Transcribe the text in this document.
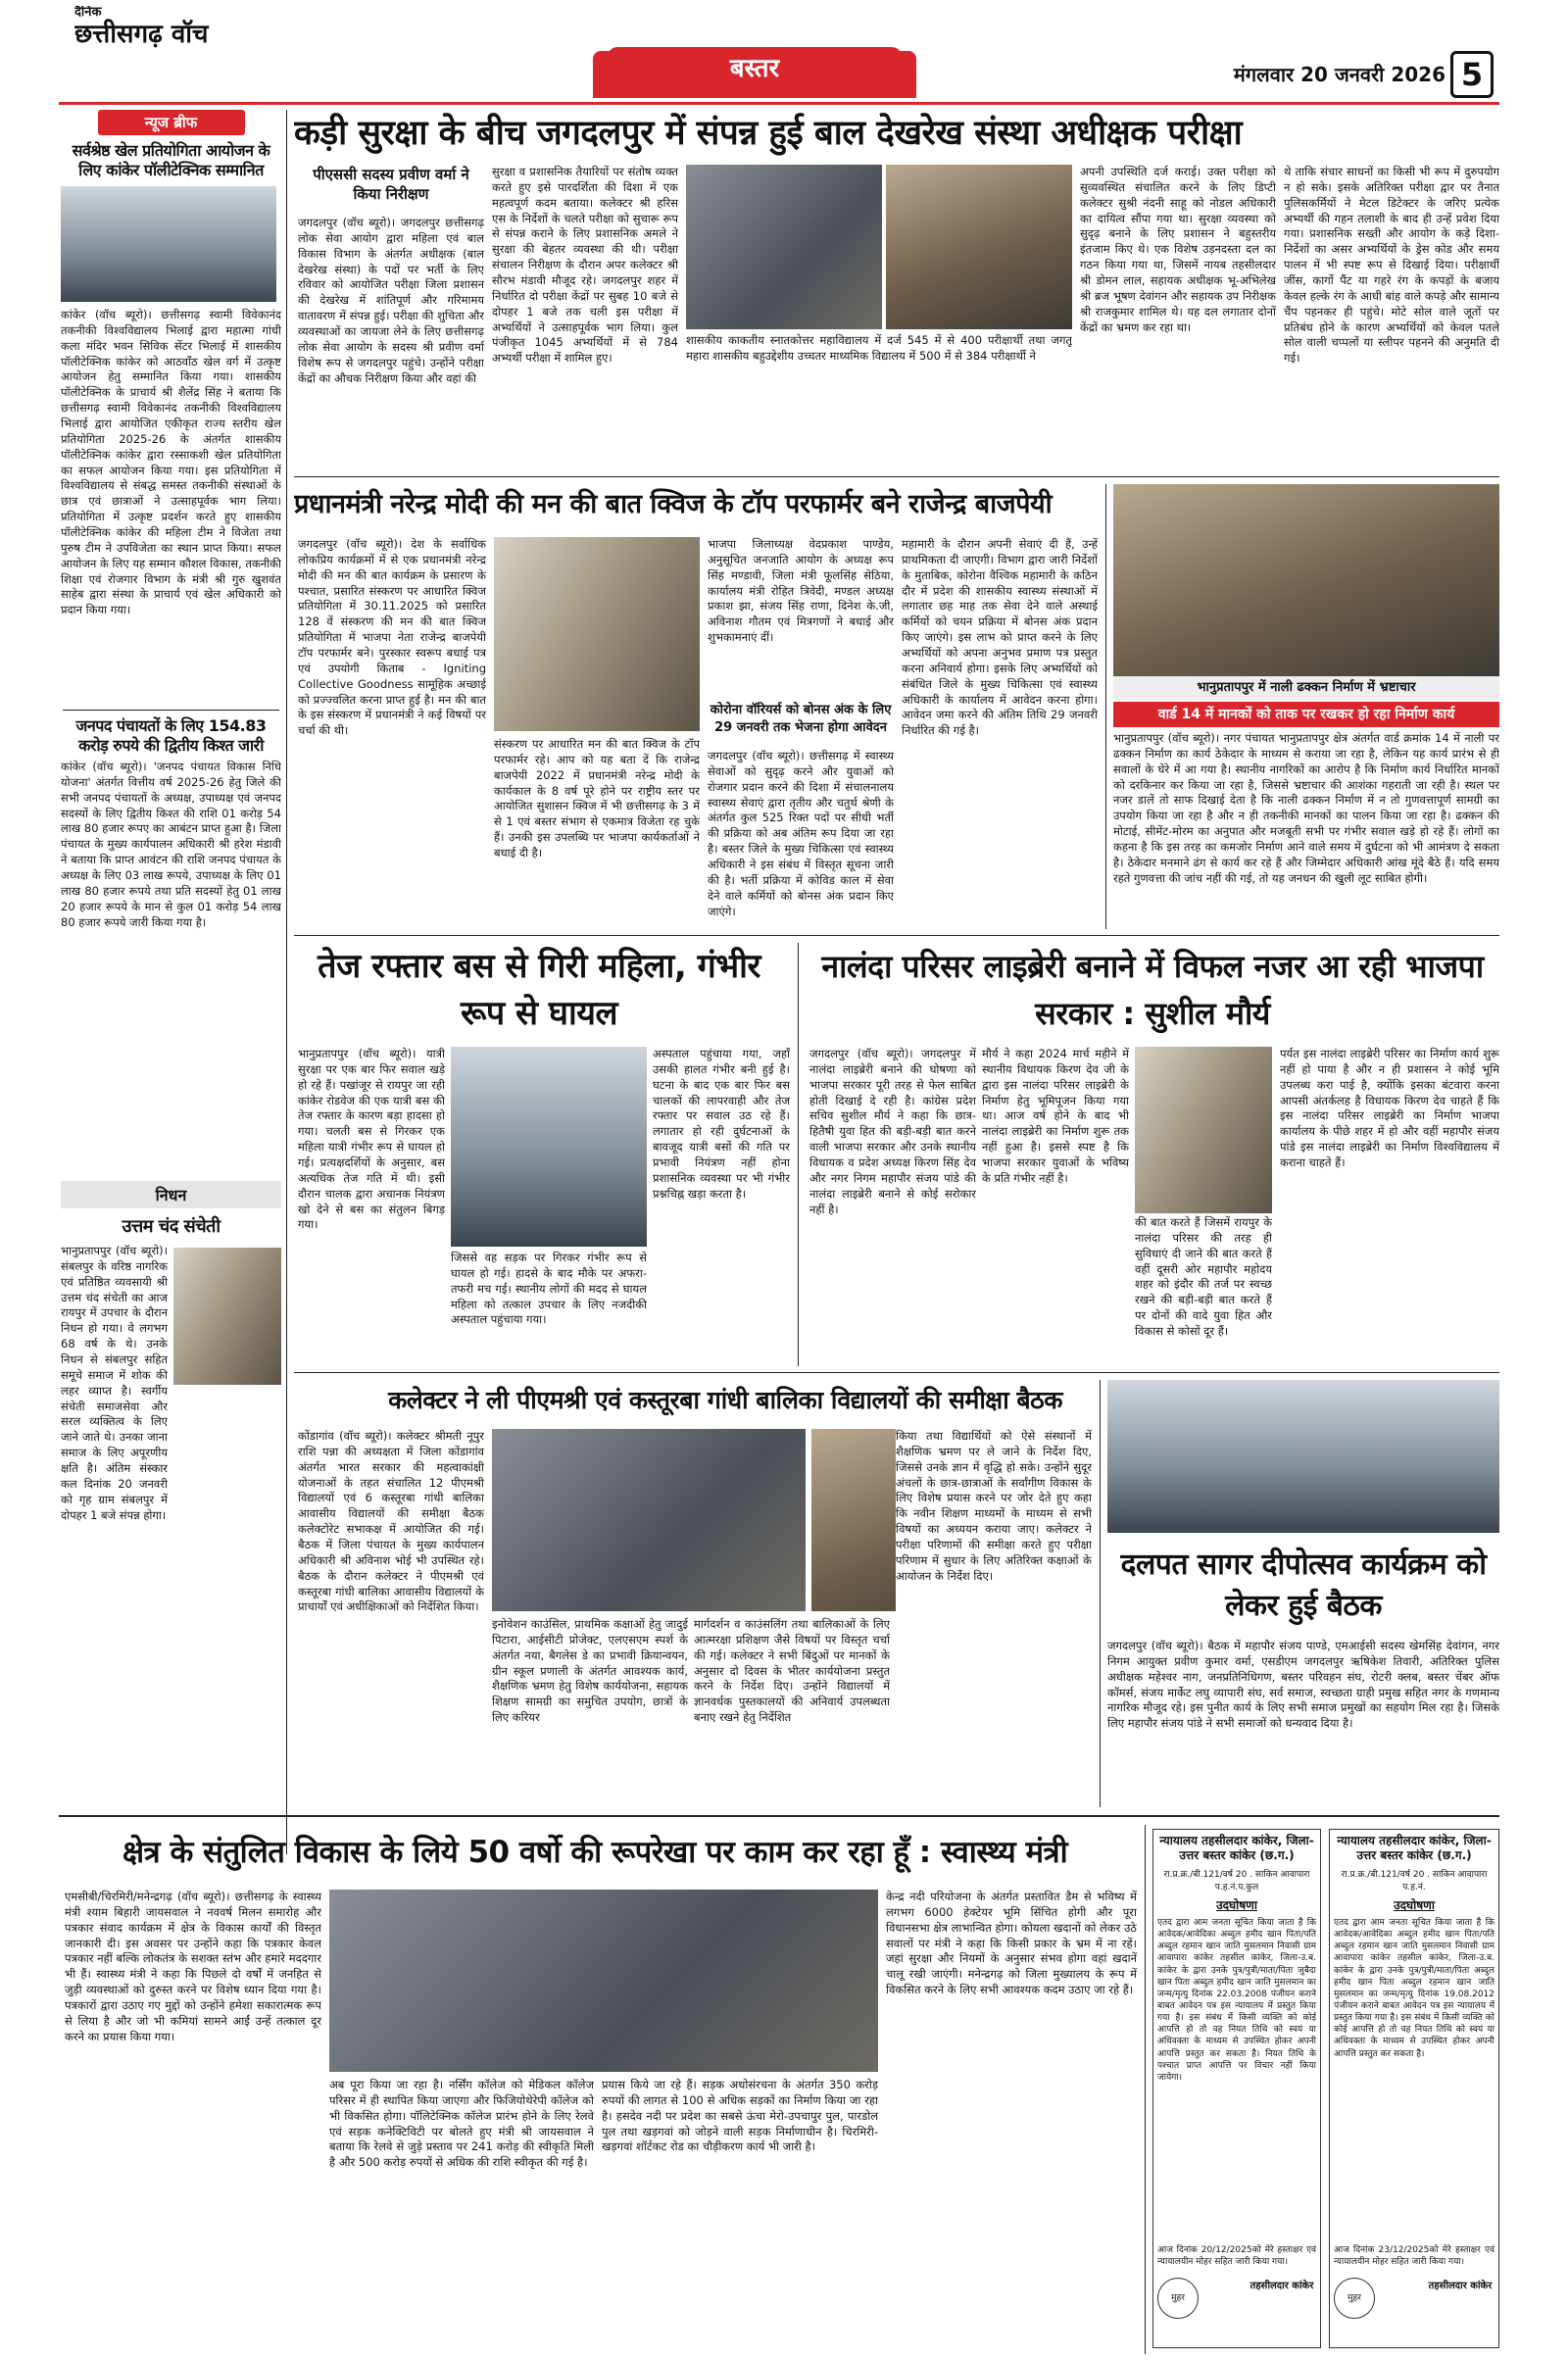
दैनिक
छत्तीसगढ़ वॉच
बस्तर	मंगलवार 20 जनवरी 2026 5
न्यूज ब्रीफ
सर्वश्रेष्ठ खेल प्रतियोगिता आयोजन के लिए कांकेर पॉलीटेक्निक सम्मानित
कांकेर (वॉच ब्यूरो)। छत्तीसगढ़ स्वामी विवेकानंद तकनीकी विश्वविद्यालय भिलाई द्वारा महात्मा गांधी कला मंदिर भवन सिविक सेंटर भिलाई में शासकीय पॉलीटेक्निक कांकेर को आठवाँठ खेल वर्ग में उत्कृष्ट आयोजन हेतु सम्मानित किया गया। शासकीय पॉलीटेक्निक के प्राचार्य श्री शैलेंद्र सिंह ने बताया कि छत्तीसगढ़ स्वामी विवेकानंद तकनीकी विश्वविद्यालय भिलाई द्वारा आयोजित एकीकृत राज्य स्तरीय खेल प्रतियोगिता 2025-26 के अंतर्गत शासकीय पॉलीटेक्निक कांकेर द्वारा रस्साकशी खेल प्रतियोगिता का सफल आयोजन किया गया। इस प्रतियोगिता में विश्वविद्यालय से संबद्ध समस्त तकनीकी संस्थाओं के छात्र एवं छात्राओं ने उत्साहपूर्वक भाग लिया। प्रतियोगिता में उत्कृष्ट प्रदर्शन करते हुए शासकीय पॉलीटेक्निक कांकेर की महिला टीम ने विजेता तथा पुरुष टीम ने उपविजेता का स्थान प्राप्त किया। सफल आयोजन के लिए यह सम्मान कौशल विकास, तकनीकी शिक्षा एवं रोजगार विभाग के मंत्री श्री गुरु खुशवंत साहेब द्वारा संस्था के प्राचार्य एवं खेल अधिकारी को प्रदान किया गया।
जनपद पंचायतों के लिए 154.83 करोड़ रुपये की द्वितीय किश्त जारी
कांकेर (वॉच ब्यूरो)। 'जनपद पंचायत विकास निधि योजना' अंतर्गत वित्तीय वर्ष 2025-26 हेतु जिले की सभी जनपद पंचायतों के अध्यक्ष, उपाध्यक्ष एवं जनपद सदस्यों के लिए द्वितीय किश्त की राशि 01 करोड़ 54 लाख 80 हजार रूपए का आबंटन प्राप्त हुआ है। जिला पंचायत के मुख्य कार्यपालन अधिकारी श्री हरेश मंडावी ने बताया कि प्राप्त आवंटन की राशि जनपद पंचायत के अध्यक्ष के लिए 03 लाख रूपये, उपाध्यक्ष के लिए 01 लाख 80 हजार रूपये तथा प्रति सदस्यों हेतु 01 लाख 20 हजार रूपये के मान से कुल 01 करोड़ 54 लाख 80 हजार रूपये जारी किया गया है।
निधन
उत्तम चंद संचेती
भानुप्रतापपुर (वॉच ब्यूरो)। संबलपुर के वरिष्ठ नागरिक एवं प्रतिष्ठित व्यवसायी श्री उत्तम चंद संचेती का आज रायपुर में उपचार के दौरान निधन हो गया। वे लगभग 68 वर्ष के थे। उनके निधन से संबलपुर सहित समूचे समाज में शोक की लहर व्याप्त है। स्वर्गीय संचेती समाजसेवा और सरल व्यक्तित्व के लिए जाने जाते थे। उनका जाना समाज के लिए अपूरणीय क्षति है। अंतिम संस्कार कल दिनांक 20 जनवरी को गृह ग्राम संबलपुर में दोपहर 1 बजे संपन्न होगा।
कड़ी सुरक्षा के बीच जगदलपुर में संपन्न हुई बाल देखरेख संस्था अधीक्षक परीक्षा
पीएससी सदस्य प्रवीण वर्मा ने किया निरीक्षण
जगदलपुर (वॉच ब्यूरो)। जगदलपुर छत्तीसगढ़ लोक सेवा आयोग द्वारा महिला एवं बाल विकास विभाग के अंतर्गत अधीक्षक (बाल देखरेख संस्था) के पदों पर भर्ती के लिए रविवार को आयोजित परीक्षा जिला प्रशासन की देखरेख में शांतिपूर्ण और गरिमामय वातावरण में संपन्न हुई। परीक्षा की शुचिता और व्यवस्थाओं का जायजा लेने के लिए छत्तीसगढ़ लोक सेवा आयोग के सदस्य श्री प्रवीण वर्मा विशेष रूप से जगदलपुर पहुंचे। उन्होंने परीक्षा केंद्रों का औचक निरीक्षण किया और वहां की
सुरक्षा व प्रशासनिक तैयारियों पर संतोष व्यक्त करते हुए इसे पारदर्शिता की दिशा में एक महत्वपूर्ण कदम बताया। कलेक्टर श्री हरिस एस के निर्देशों के चलते परीक्षा को सुचारू रूप से संपन्न कराने के लिए प्रशासनिक अमले ने सुरक्षा की बेहतर व्यवस्था की थी। परीक्षा संचालन निरीक्षण के दौरान अपर कलेक्टर श्री सौरभ मंडावी मौजूद रहे। जगदलपुर शहर में निर्धारित दो परीक्षा केंद्रों पर सुबह 10 बजे से दोपहर 1 बजे तक चली इस परीक्षा में अभ्यर्थियों ने उत्साहपूर्वक भाग लिया। कुल पंजीकृत 1045 अभ्यर्थियों में से 784 अभ्यर्थी परीक्षा में शामिल हुए।
शासकीय काकतीय स्नातकोत्तर महाविद्यालय में दर्ज 545 में से 400 परीक्षार्थी तथा जगतू महारा शासकीय बहुउद्देशीय उच्चतर माध्यमिक विद्यालय में 500 में से 384 परीक्षार्थी ने
अपनी उपस्थिति दर्ज कराई। उक्त परीक्षा को सुव्यवस्थित संचालित करने के लिए डिप्टी कलेक्टर सुश्री नंदनी साहू को नोडल अधिकारी का दायित्व सौंपा गया था। सुरक्षा व्यवस्था को सुदृढ़ बनाने के लिए प्रशासन ने बहुस्तरीय इंतजाम किए थे। एक विशेष उड़नदस्ता दल का गठन किया गया था, जिसमें नायब तहसीलदार श्री डोमन लाल, सहायक अधीक्षक भू-अभिलेख श्री ब्रज भूषण देवांगन और सहायक उप निरीक्षक श्री राजकुमार शामिल थे। यह दल लगातार दोनों केंद्रों का भ्रमण कर रहा था।
थे ताकि संचार साधनों का किसी भी रूप में दुरुपयोग न हो सके। इसके अतिरिक्त परीक्षा द्वार पर तैनात पुलिसकर्मियों ने मेटल डिटेक्टर के जरिए प्रत्येक अभ्यर्थी की गहन तलाशी के बाद ही उन्हें प्रवेश दिया गया। प्रशासनिक सख्ती और आयोग के कड़े दिशा-निर्देशों का असर अभ्यर्थियों के ड्रेस कोड और समय पालन में भी स्पष्ट रूप से दिखाई दिया। परीक्षार्थी जींस, कार्गो पैंट या गहरे रंग के कपड़ों के बजाय केवल हल्के रंग के आधी बांह वाले कपड़े और सामान्य चैंप पहनकर ही पहुंचे। मोटे सोल वाले जूतों पर प्रतिबंध होने के कारण अभ्यर्थियों को केवल पतले सोल वाली चप्पलों या स्लीपर पहनने की अनुमति दी गई।
प्रधानमंत्री नरेन्द्र मोदी की मन की बात क्विज के टॉप परफार्मर बने राजेन्द्र बाजपेयी
जगदलपुर (वॉच ब्यूरो)। देश के सर्वाधिक लोकप्रिय कार्यक्रमों में से एक प्रधानमंत्री नरेन्द्र मोदी की मन की बात कार्यक्रम के प्रसारण के पश्चात, प्रसारित संस्करण पर आधारित क्विज प्रतियोगिता में 30.11.2025 को प्रसारित 128 वें संस्करण की मन की बात क्विज प्रतियोगिता में भाजपा नेता राजेन्द्र बाजपेयी टॉप परफार्मर बने। पुरस्कार स्वरूप बधाई पत्र एवं उपयोगी किताब - Igniting Collective Goodness सामूहिक अच्छाई को प्रज्ज्वलित करना प्राप्त हुई है। मन की बात के इस संस्करण में प्रधानमंत्री ने कई विषयों पर चर्चा की थी।
संस्करण पर आधारित मन की बात क्विज के टॉप परफार्मर रहे। आप को यह बता दें कि राजेन्द्र बाजपेयी 2022 में प्रधानमंत्री नरेन्द्र मोदी के कार्यकाल के 8 वर्ष पूरे होने पर राष्ट्रीय स्तर पर आयोजित सुशासन क्विज में भी छत्तीसगढ़ के 3 में से 1 एवं बस्तर संभाग से एकमात्र विजेता रह चुके हैं। उनकी इस उपलब्धि पर भाजपा कार्यकर्ताओं ने बधाई दी है।
भाजपा जिलाध्यक्ष वेदप्रकाश पाण्डेय, अनुसूचित जनजाति आयोग के अध्यक्ष रूप सिंह मण्डावी, जिला मंत्री फूलसिंह सेठिया, कार्यालय मंत्री रोहित त्रिवेदी, मण्डल अध्यक्ष प्रकाश झा, संजय सिंह राणा, दिनेश के.जी, अविनाश गौतम एवं मित्रगणों ने बधाई और शुभकामनाएं दीं।
कोरोना वॉरियर्स को बोनस अंक के लिए 29 जनवरी तक भेजना होगा आवेदन
जगदलपुर (वॉच ब्यूरो)। छत्तीसगढ़ में स्वास्थ्य सेवाओं को सुदृढ़ करने और युवाओं को रोजगार प्रदान करने की दिशा में संचालनालय स्वास्थ्य सेवाएं द्वारा तृतीय और चतुर्थ श्रेणी के अंतर्गत कुल 525 रिक्त पदों पर सीधी भर्ती की प्रक्रिया को अब अंतिम रूप दिया जा रहा है। बस्तर जिले के मुख्य चिकित्सा एवं स्वास्थ्य अधिकारी ने इस संबंध में विस्तृत सूचना जारी की है। भर्ती प्रक्रिया में कोविड काल में सेवा देने वाले कर्मियों को बोनस अंक प्रदान किए जाएंगे।
महामारी के दौरान अपनी सेवाएं दी हैं, उन्हें प्राथमिकता दी जाएगी। विभाग द्वारा जारी निर्देशों के मुताबिक, कोरोना वैश्विक महामारी के कठिन दौर में प्रदेश की शासकीय स्वास्थ्य संस्थाओं में लगातार छह माह तक सेवा देने वाले अस्थाई कर्मियों को चयन प्रक्रिया में बोनस अंक प्रदान किए जाएंगे। इस लाभ को प्राप्त करने के लिए अभ्यर्थियों को अपना अनुभव प्रमाण पत्र प्रस्तुत करना अनिवार्य होगा। इसके लिए अभ्यर्थियों को संबंधित जिले के मुख्य चिकित्सा एवं स्वास्थ्य अधिकारी के कार्यालय में आवेदन करना होगा। आवेदन जमा करने की अंतिम तिथि 29 जनवरी निर्धारित की गई है।
भानुप्रतापपुर में नाली ढक्कन निर्माण में भ्रष्टाचार
वार्ड 14 में मानकों को ताक पर रखकर हो रहा निर्माण कार्य
भानुप्रतापपुर (वॉच ब्यूरो)। नगर पंचायत भानुप्रतापपुर क्षेत्र अंतर्गत वार्ड क्रमांक 14 में नाली पर ढक्कन निर्माण का कार्य ठेकेदार के माध्यम से कराया जा रहा है, लेकिन यह कार्य प्रारंभ से ही सवालों के घेरे में आ गया है। स्थानीय नागरिकों का आरोप है कि निर्माण कार्य निर्धारित मानकों को दरकिनार कर किया जा रहा है, जिससे भ्रष्टाचार की आशंका गहराती जा रही है। स्थल पर नजर डालें तो साफ दिखाई देता है कि नाली ढक्कन निर्माण में न तो गुणवत्तापूर्ण सामग्री का उपयोग किया जा रहा है और न ही तकनीकी मानकों का पालन किया जा रहा है। ढक्कन की मोटाई, सीमेंट-मोरम का अनुपात और मजबूती सभी पर गंभीर सवाल खड़े हो रहे हैं। लोगों का कहना है कि इस तरह का कमजोर निर्माण आने वाले समय में दुर्घटना को भी आमंत्रण दे सकता है। ठेकेदार मनमाने ढंग से कार्य कर रहे हैं और जिम्मेदार अधिकारी आंख मूंदे बैठे हैं। यदि समय रहते गुणवत्ता की जांच नहीं की गई, तो यह जनधन की खुली लूट साबित होगी।
तेज रफ्तार बस से गिरी महिला, गंभीर रूप से घायल
भानुप्रतापपुर (वॉच ब्यूरो)। यात्री सुरक्षा पर एक बार फिर सवाल खड़े हो रहे हैं। पखांजूर से रायपुर जा रही कांकेर रोडवेज की एक यात्री बस की तेज रफ्तार के कारण बड़ा हादसा हो गया। चलती बस से गिरकर एक महिला यात्री गंभीर रूप से घायल हो गई। प्रत्यक्षदर्शियों के अनुसार, बस अत्यधिक तेज गति में थी। इसी दौरान चालक द्वारा अचानक नियंत्रण खो देने से बस का संतुलन बिगड़ गया।
जिससे वह सड़क पर गिरकर गंभीर रूप से घायल हो गई। हादसे के बाद मौके पर अफरा-तफरी मच गई। स्थानीय लोगों की मदद से घायल महिला को तत्काल उपचार के लिए नजदीकी अस्पताल पहुंचाया गया।
अस्पताल पहुंचाया गया, जहाँ उसकी हालत गंभीर बनी हुई है। घटना के बाद एक बार फिर बस चालकों की लापरवाही और तेज रफ्तार पर सवाल उठ रहे हैं। लगातार हो रही दुर्घटनाओं के बावजूद यात्री बसों की गति पर प्रभावी नियंत्रण नहीं होना प्रशासनिक व्यवस्था पर भी गंभीर प्रश्नचिह्न खड़ा करता है।
नालंदा परिसर लाइब्रेरी बनाने में विफल नजर आ रही भाजपा सरकार : सुशील मौर्य
जगदलपुर (वॉच ब्यूरो)। जगदलपुर में नालंदा लाइब्रेरी बनाने की घोषणा को भाजपा सरकार पूरी तरह से फेल साबित होती दिखाई दे रही है। कांग्रेस प्रदेश सचिव सुशील मौर्य ने कहा कि छात्र-हितैषी युवा हित की बड़ी-बड़ी बात करने वाली भाजपा सरकार और उनके स्थानीय विधायक व प्रदेश अध्यक्ष किरण सिंह देव और नगर निगम महापौर संजय पांडे की नालंदा लाइब्रेरी बनाने से कोई सरोकार नहीं है।
मौर्य ने कहा 2024 मार्च महीने में स्थानीय विधायक किरण देव जी के द्वारा इस नालंदा परिसर लाइब्रेरी के निर्माण हेतु भूमिपूजन किया गया था। आज वर्ष होने के बाद भी नालंदा लाइब्रेरी का निर्माण शुरू तक नहीं हुआ है। इससे स्पष्ट है कि भाजपा सरकार युवाओं के भविष्य के प्रति गंभीर नहीं है।
की बात करते हैं जिसमें रायपुर के नालंदा परिसर की तरह ही सुविधाएं दी जाने की बात करते हैं वहीं दूसरी ओर महापौर महोदय शहर को इंदौर की तर्ज पर स्वच्छ रखने की बड़ी-बड़ी बात करते हैं पर दोनों की वादे युवा हित और विकास से कोसों दूर हैं।
पर्यत इस नालंदा लाइब्रेरी परिसर का निर्माण कार्य शुरू नहीं हो पाया है और न ही प्रशासन ने कोई भूमि उपलब्ध करा पाई है, क्योंकि इसका बंटवारा करना आपसी अंतर्कलह है विधायक किरण देव चाहते हैं कि इस नालंदा परिसर लाइब्रेरी का निर्माण भाजपा कार्यालय के पीछे शहर में हो और वहीं महापौर संजय पांडे इस नालंदा लाइब्रेरी का निर्माण विश्वविद्यालय में कराना चाहते हैं।
कलेक्टर ने ली पीएमश्री एवं कस्तूरबा गांधी बालिका विद्यालयों की समीक्षा बैठक
कोंडागांव (वॉच ब्यूरो)। कलेक्टर श्रीमती नूपुर राशि पन्ना की अध्यक्षता में जिला कोंडागांव अंतर्गत भारत सरकार की महत्वाकांक्षी योजनाओं के तहत संचालित 12 पीएमश्री विद्यालयों एवं 6 कस्तूरबा गांधी बालिका आवासीय विद्यालयों की समीक्षा बैठक कलेक्टोरेट सभाकक्ष में आयोजित की गई। बैठक में जिला पंचायत के मुख्य कार्यपालन अधिकारी श्री अविनाश भोई भी उपस्थित रहे। बैठक के दौरान कलेक्टर ने पीएमश्री एवं कस्तूरबा गांधी बालिका आवासीय विद्यालयों के प्राचार्यों एवं अधीक्षिकाओं को निर्देशित किया।
इनोवेशन काउंसिल, प्राथमिक कक्षाओं हेतु जादुई पिटारा, आईसीटी प्रोजेक्ट, एलएसएम स्पर्श के अंतर्गत नया, बैगलेस डे का प्रभावी क्रियान्वयन, ग्रीन स्कूल प्रणाली के अंतर्गत आवश्यक कार्य, शैक्षणिक भ्रमण हेतु विशेष कार्ययोजना, सहायक शिक्षण सामग्री का समुचित उपयोग, छात्रों के लिए करियर
मार्गदर्शन व काउंसलिंग तथा बालिकाओं के लिए आत्मरक्षा प्रशिक्षण जैसे विषयों पर विस्तृत चर्चा की गई। कलेक्टर ने सभी बिंदुओं पर मानकों के अनुसार दो दिवस के भीतर कार्ययोजना प्रस्तुत करने के निर्देश दिए। उन्होंने विद्यालयों में ज्ञानवर्धक पुस्तकालयों की अनिवार्य उपलब्धता बनाए रखने हेतु निर्देशित
किया तथा विद्यार्थियों को ऐसे संस्थानों में शैक्षणिक भ्रमण पर ले जाने के निर्देश दिए, जिससे उनके ज्ञान में वृद्धि हो सके। उन्होंने सुदूर अंचलों के छात्र-छात्राओं के सर्वांगीण विकास के लिए विशेष प्रयास करने पर जोर देते हुए कहा कि नवीन शिक्षण माध्यमों के माध्यम से सभी विषयों का अध्ययन कराया जाए। कलेक्टर ने परीक्षा परिणामों की समीक्षा करते हुए परीक्षा परिणाम में सुधार के लिए अतिरिक्त कक्षाओं के आयोजन के निर्देश दिए।	दलपत सागर दीपोत्सव कार्यक्रम को लेकर हुई बैठक
जगदलपुर (वॉच ब्यूरो)। बैठक में महापौर संजय पाण्डे, एमआईसी सदस्य खेमसिंह देवांगन, नगर निगम आयुक्त प्रवीण कुमार वर्मा, एसडीएम जगदलपुर ऋषिकेश तिवारी, अतिरिक्त पुलिस अधीक्षक महेश्वर नाग, जनप्रतिनिधिगण, बस्तर परिवहन संघ, रोटरी क्लब, बस्तर चेंबर ऑफ कॉमर्स, संजय मार्केट लघु व्यापारी संघ, सर्व समाज, स्वच्छता ग्राही प्रमुख सहित नगर के गणमान्य नागरिक मौजूद रहे। इस पुनीत कार्य के लिए सभी समाज प्रमुखों का सहयोग मिल रहा है। जिसके लिए महापौर संजय पांडे ने सभी समाजों को धन्यवाद दिया है।
क्षेत्र के संतुलित विकास के लिये 50 वर्षो की रूपरेखा पर काम कर रहा हूँ : स्वास्थ्य मंत्री
एमसीबी/चिरमिरी/मनेन्द्रगढ़ (वॉच ब्यूरो)। छत्तीसगढ़ के स्वास्थ्य मंत्री श्याम बिहारी जायसवाल ने नववर्ष मिलन समारोह और पत्रकार संवाद कार्यक्रम में क्षेत्र के विकास कार्यों की विस्तृत जानकारी दी। इस अवसर पर उन्होंने कहा कि पत्रकार केवल पत्रकार नहीं बल्कि लोकतंत्र के सशक्त स्तंभ और हमारे मददगार भी हैं। स्वास्थ्य मंत्री ने कहा कि पिछले दो वर्षों में जनहित से जुड़ी व्यवस्थाओं को दुरुस्त करने पर विशेष ध्यान दिया गया है। पत्रकारों द्वारा उठाए गए मुद्दों को उन्होंने हमेशा सकारात्मक रूप से लिया है और जो भी कमियां सामने आईं उन्हें तत्काल दूर करने का प्रयास किया गया।
अब पूरा किया जा रहा है। नर्सिंग कॉलेज को मेडिकल कॉलेज परिसर में ही स्थापित किया जाएगा और फिजियोथेरेपी कॉलेज को भी विकसित होगा। पॉलिटेक्निक कॉलेज प्रारंभ होने के लिए रेलवे एवं सड़क कनेक्टिविटी पर बोलते हुए मंत्री श्री जायसवाल ने बताया कि रेलवे से जुड़े प्रस्ताव पर 241 करोड़ की स्वीकृति मिली है और 500 करोड़ रुपयों से अधिक की राशि स्वीकृत की गई है।
प्रयास किये जा रहे हैं। सड़क अधोसंरचना के अंतर्गत 350 करोड़ रुपयों की लागत से 100 से अधिक सड़कों का निर्माण किया जा रहा है। हसदेव नदी पर प्रदेश का सबसे ऊंचा मेरो-उपचापुर पुल, पारडोल पुल तथा खड़गवां को जोड़ने वाली सड़क निर्माणाधीन है। चिरमिरी-खड़गवां शॉर्टकट रोड का चौड़ीकरण कार्य भी जारी है।
केन्द्र नदी परियोजना के अंतर्गत प्रस्तावित डैम से भविष्य में लगभग 6000 हेक्टेयर भूमि सिंचित होगी और पूरा विधानसभा क्षेत्र लाभान्वित होगा। कोयला खदानों को लेकर उठे सवालों पर मंत्री ने कहा कि किसी प्रकार के भ्रम में ना रहें। जहां सुरक्षा और नियमों के अनुसार संभव होगा वहां खदानें चालू रखी जाएंगी। मनेन्द्रगढ़ को जिला मुख्यालय के रूप में विकसित करने के लिए सभी आवश्यक कदम उठाए जा रहे हैं।
न्यायालय तहसीलदार कांकेर, जिला-उत्तर बस्तर कांकेर (छ.ग.)
रा.प्र.क्र./बी.121/वर्ष 20 . साकिन आवापारा प.ह.नं.प.कुल
उदघोषणा
एतद द्वारा आम जनता सूचित किया जाता है कि आवेदक/आवेदिका अब्दुल हमीद खान पिता/पति अब्दुल रहमान खान जाति मुसलमान निवासी ग्राम आवापारा कांकेर तहसील कांकेर, जिला-उ.ब. कांकेर के द्वारा उनके पुत्र/पुत्री/माता/पिता जुबैदा खान पिता अब्दुल हमीद खान जाति मुसलमान का जन्म/मृत्यु दिनांक 22.03.2008 पंजीयन कराने बाबत आवेदन पत्र इस न्यायालय में प्रस्तुत किया गया है। इस संबंध में किसी व्यक्ति को कोई आपत्ति हो तो वह नियत तिथि को स्वयं या अधिवक्ता के माध्यम से उपस्थित होकर अपनी आपत्ति प्रस्तुत कर सकता है। नियत तिथि के पश्चात प्राप्त आपत्ति पर विचार नहीं किया जायेगा।
आज दिनांक 20/12/2025को मेरे हस्ताक्षर एवं न्यायालयीन मोहर सहित जारी किया गया।
मुहर
तहसीलदार कांकेर
न्यायालय तहसीलदार कांकेर, जिला-उत्तर बस्तर कांकेर (छ.ग.)
रा.प्र.क्र./बी.121/वर्ष 20 . साकिन आवापारा प.ह.नं.
उदघोषणा
एतद द्वारा आम जनता सूचित किया जाता है कि आवेदक/आवेदिका अब्दुल हमीद खान पिता/पति अब्दुल रहमान खान जाति मुसलमान निवासी ग्राम आवापारा कांकेर तहसील कांकेर, जिला-उ.ब. कांकेर के द्वारा उनके पुत्र/पुत्री/माता/पिता अब्दुल हमीद खान पिता अब्दुल रहमान खान जाति मुसलमान का जन्म/मृत्यु दिनांक 19.08.2012 पंजीयन कराने बाबत आवेदन पत्र इस न्यायालय में प्रस्तुत किया गया है। इस संबंध में किसी व्यक्ति को कोई आपत्ति हो तो वह नियत तिथि को स्वयं या अधिवक्ता के माध्यम से उपस्थित होकर अपनी आपत्ति प्रस्तुत कर सकता है।
आज दिनांक 23/12/2025को मेरे हस्ताक्षर एवं न्यायालयीन मोहर सहित जारी किया गया।
मुहर
तहसीलदार कांकेर
